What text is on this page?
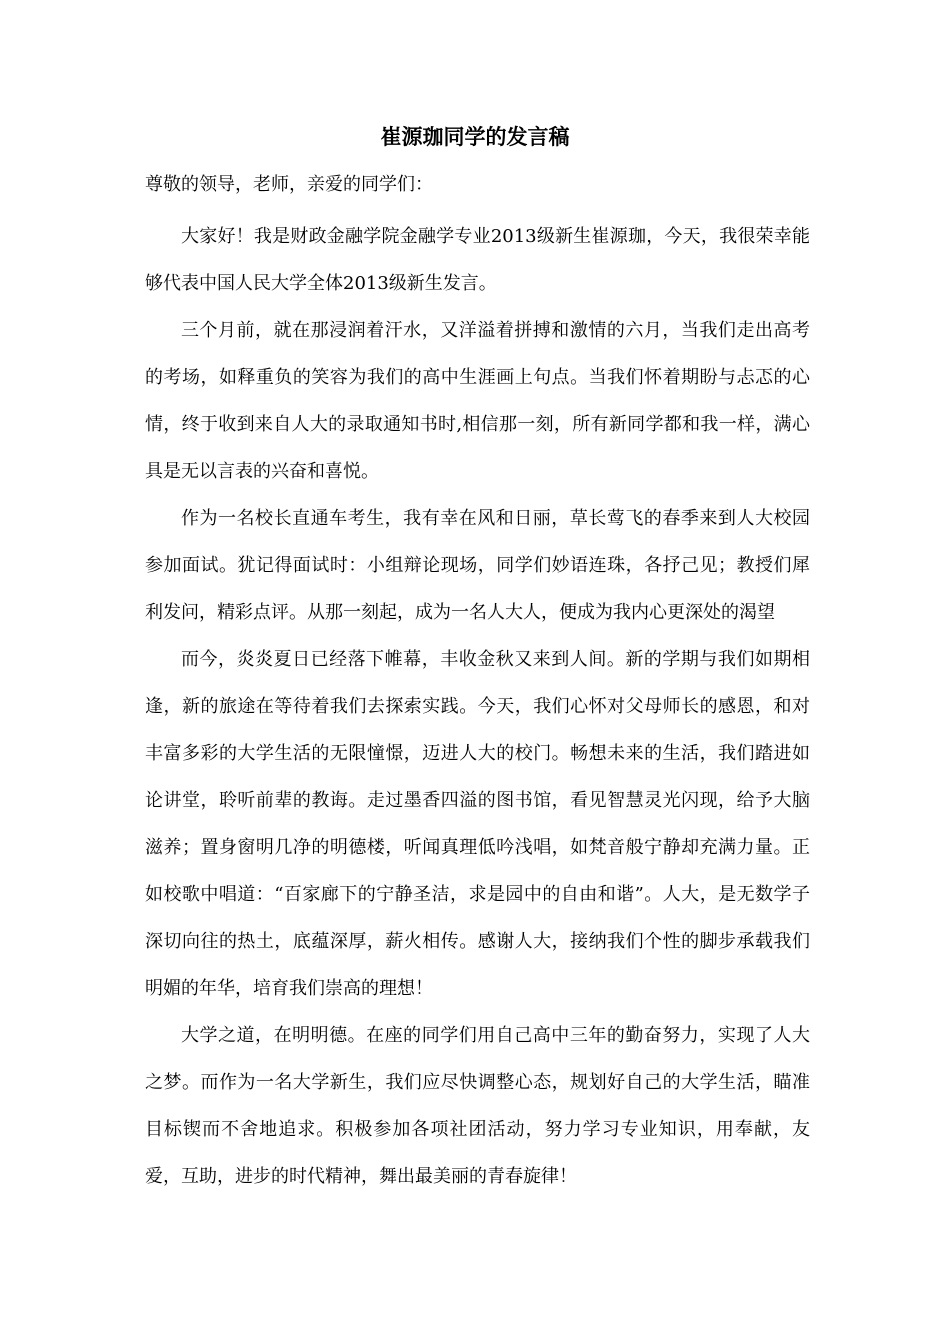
崔源珈同学的发言稿

尊敬的领导，老师，亲爱的同学们：

大家好！我是财政金融学院金融学专业2013级新生崔源珈，今天，我很荣幸能够代表中国人民大学全体2013级新生发言。

三个月前，就在那浸润着汗水，又洋溢着拼搏和激情的六月，当我们走出高考的考场，如释重负的笑容为我们的高中生涯画上句点。当我们怀着期盼与忐忑的心情，终于收到来自人大的录取通知书时,相信那一刻，所有新同学都和我一样，满心具是无以言表的兴奋和喜悦。

作为一名校长直通车考生，我有幸在风和日丽，草长莺飞的春季来到人大校园参加面试。犹记得面试时：小组辩论现场，同学们妙语连珠，各抒己见；教授们犀利发问，精彩点评。从那一刻起，成为一名人大人，便成为我内心更深处的渴望

而今，炎炎夏日已经落下帷幕，丰收金秋又来到人间。新的学期与我们如期相逢，新的旅途在等待着我们去探索实践。今天，我们心怀对父母师长的感恩，和对丰富多彩的大学生活的无限憧憬，迈进人大的校门。畅想未来的生活，我们踏进如论讲堂，聆听前辈的教诲。走过墨香四溢的图书馆，看见智慧灵光闪现，给予大脑滋养；置身窗明几净的明德楼，听闻真理低吟浅唱，如梵音般宁静却充满力量。正如校歌中唱道：“百家廊下的宁静圣洁，求是园中的自由和谐”。人大，是无数学子深切向往的热土，底蕴深厚，薪火相传。感谢人大，接纳我们个性的脚步承载我们明媚的年华，培育我们崇高的理想！

大学之道，在明明德。在座的同学们用自己高中三年的勤奋努力，实现了人大之梦。而作为一名大学新生，我们应尽快调整心态，规划好自己的大学生活，瞄准目标锲而不舍地追求。积极参加各项社团活动，努力学习专业知识，用奉献，友爱，互助，进步的时代精神，舞出最美丽的青春旋律！
